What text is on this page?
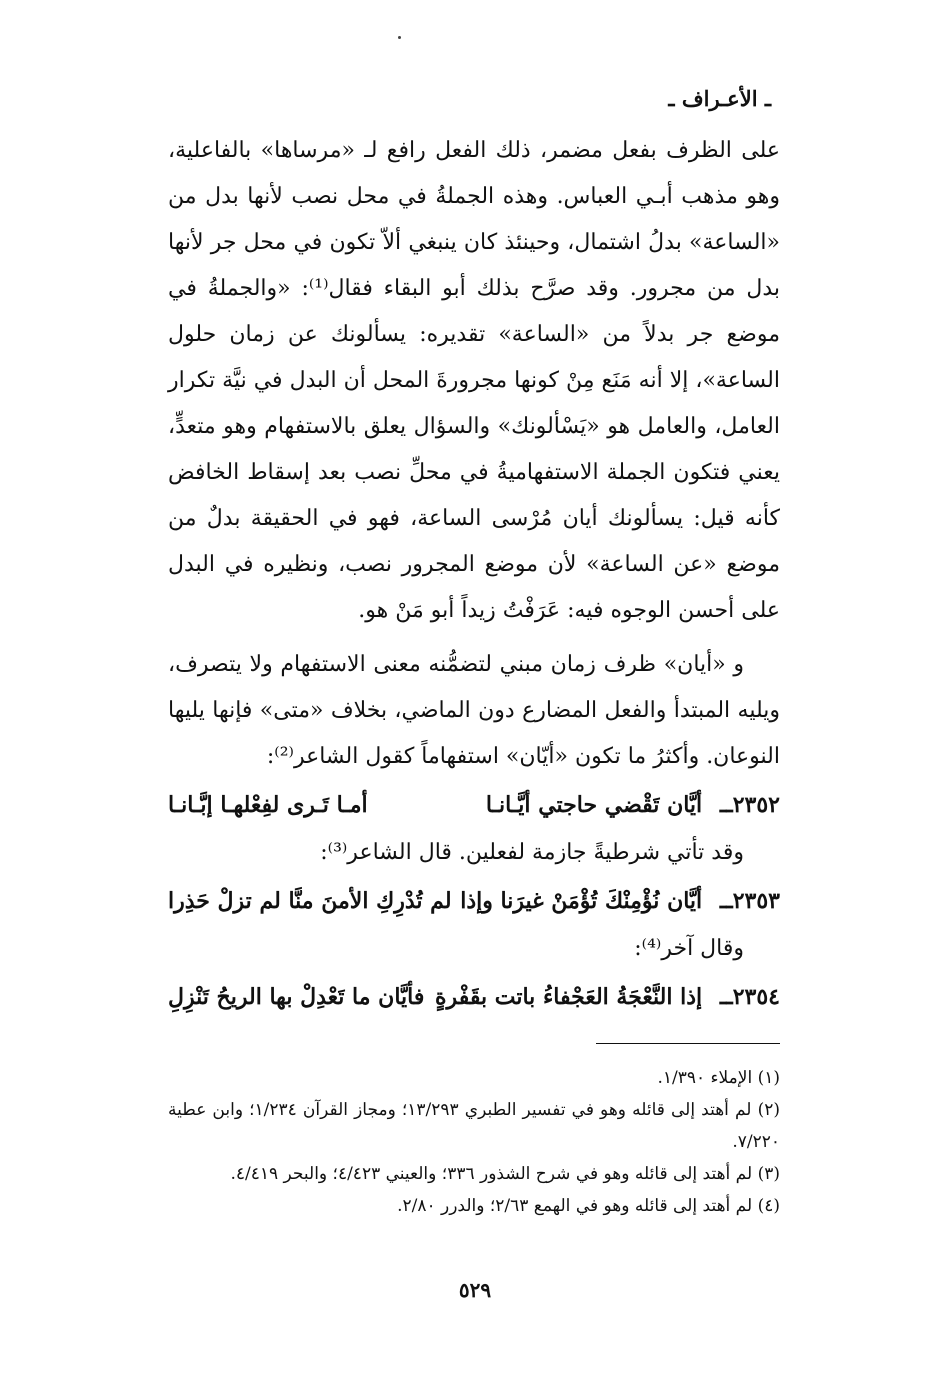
ـ الأعـراف ـ

على الظرف بفعل مضمر، ذلك الفعل رافع لـ «مرساها» بالفاعلية، وهو مذهب أبـي العباس. وهذه الجملةُ في محل نصب لأنها بدل من «الساعة» بدلُ اشتمال، وحينئذ كان ينبغي ألاّ تكون في محل جر لأنها بدل من مجرور. وقد صرَّح بذلك أبو البقاء فقال⁽¹⁾: «والجملةُ في موضع جر بدلاً من «الساعة» تقديره: يسألونك عن زمان حلول الساعة»، إلا أنه مَنَع مِنْ كونها مجرورةَ المحل أن البدل في نيَّة تكرار العامل، والعامل هو «يَسْألونك» والسؤال يعلق بالاستفهام وهو متعدٍّ، يعني فتكون الجملة الاستفهاميةُ في محلِّ نصب بعد إسقاط الخافض كأنه قيل: يسألونك أيان مُرْسى الساعة، فهو في الحقيقة بدلٌ من موضع «عن الساعة» لأن موضع المجرور نصب، ونظيره في البدل على أحسن الوجوه فيه: عَرَفْتُ زيداً أبو مَنْ هو.

و «أيان» ظرف زمان مبني لتضمُّنه معنى الاستفهام ولا يتصرف، ويليه المبتدأ والفعل المضارع دون الماضي، بخلاف «متى» فإنها يليها النوعان. وأكثرُ ما تكون «أيّان» استفهاماً كقول الشاعر⁽²⁾:

٢٣٥٢ــ أيَّان تَقْضي حاجتي أيَّـانـا
أمـا تَـرى لفِعْلهـا إبَّـانـا

وقد تأتي شرطيةً جازمة لفعلين. قال الشاعر⁽³⁾:

٢٣٥٣ــ أيَّان نُؤْمِنْكَ تُؤْمَنْ غيرَنا وإذا
لم تُدْرِكِ الأمنَ منَّا لم تزلْ حَذِرا

وقال آخر⁽⁴⁾:

٢٣٥٤ــ إذا النَّعْجَةُ العَجْفاءُ باتت بقَفْرةٍ
فأيَّان ما تَعْدِلْ بها الريحُ تَنْزِلِ

(١) الإملاء ١/٣٩٠.

(٢) لم أهتد إلى قائله وهو في تفسير الطبري ١٣/٢٩٣؛ ومجاز القرآن ١/٢٣٤؛ وابن عطية ٧/٢٢٠.

(٣) لم أهتد إلى قائله وهو في شرح الشذور ٣٣٦؛ والعيني ٤/٤٢٣؛ والبحر ٤/٤١٩.

(٤) لم أهتد إلى قائله وهو في الهمع ٢/٦٣؛ والدرر ٢/٨٠.

٥٢٩
